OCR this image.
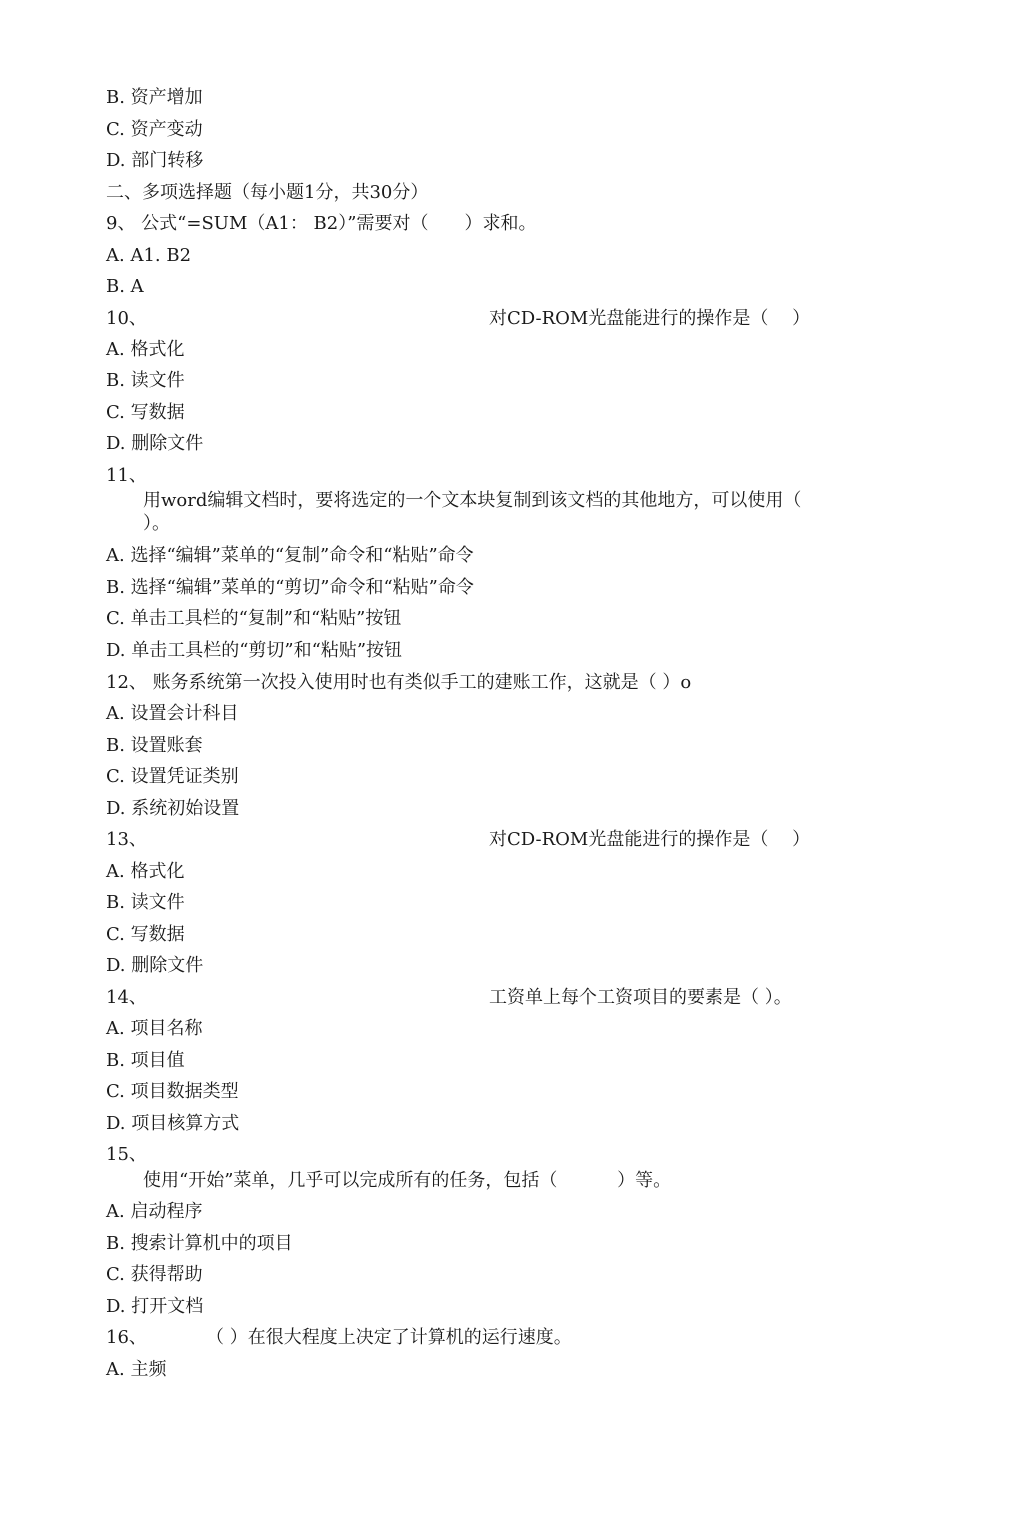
B. 资产增加
C. 资产变动
D. 部门转移
二、多项选择题（每小题1分，共30分）
9、 公式“=SUM（A1： B2）”需要对（　　）求和。
A. A1. B2
B. A

10、

	对CD-ROM光盘能进行的操作是（　 ）

A. 格式化
B. 读文件
C. 写数据
D. 删除文件
11、
用word编辑文档时，要将选定的一个文本块复制到该文档的其他地方，可以使用（
）。
A. 选择“编辑”菜单的“复制”命令和“粘贴”命令
B. 选择“编辑”菜单的“剪切”命令和“粘贴”命令
C. 单击工具栏的“复制”和“粘贴”按钮
D. 单击工具栏的“剪切”和“粘贴”按钮
12、 账务系统第一次投入使用时也有类似手工的建账工作，这就是（ ）o
A. 设置会计科目
B. 设置账套
C. 设置凭证类别
D. 系统初始设置

13、

	对CD-ROM光盘能进行的操作是（　 ）

A. 格式化
B. 读文件
C. 写数据
D. 删除文件

14、

	工资单上每个工资项目的要素是（ ）。

A. 项目名称
B. 项目值
C. 项目数据类型
D. 项目核算方式
15、
使用“开始”菜单，几乎可以完成所有的任务，包括（　　　 ）等。
A. 启动程序
B. 搜索计算机中的项目
C. 获得帮助
D. 打开文档

16、

	（ ）在很大程度上决定了计算机的运行速度。

A. 主频
